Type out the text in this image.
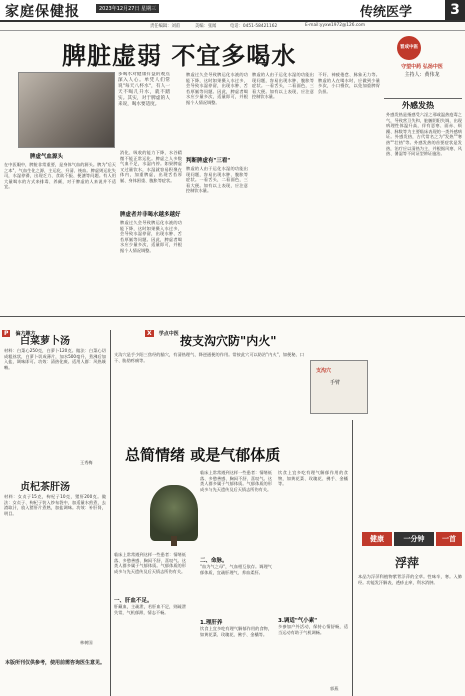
家庭保健报	2023年12月27日 星期三	传统医学	3
责任编辑：刘甫	美编：张闻	电话：0451-58421162	E-mail:yyxw1972@126.com
脾脏虚弱 不宜多喝水	晋成中医
守望中药 弘扬中医
主持人：黄伟龙
多喝水对健康有益的观点深入人心。单凭人们常说"每天八杯水"，有人一天不喝几升水，就不踏实。其实，对于脾虚的人来说，喝水要适度。
脾虚气血源头
在中医眼中，脾脏非常重要，是身体气血的源头。脾为"后天之本"，气血生化之源，主运化、升清、统血。脾虚则运化失司，水湿停滞，出现乏力、食欲不振、便溏等问题。有人用大量喝水的方式来排毒、养颜，对于脾虚的人来说并不适宜。
消化、吸收的能力下降，水谷精微不能正常运化。脾虚之人多数气血不足，水湿内停。如果脾虚又过量饮水，水湿就容易积聚在体内，加重脾虚，出现舌苔厚腻、身体困重、腹胀等症状。
脾虚者并非喝水越多越好
脾虚过久会导致脾运化水液的功能下降，这时如果摄入水过多，会导致水湿停留，出现水肿、舌苔厚腻等问题。因此，脾虚者喝水应少量多次，适量即可，并根据个人情况调整。
脾虚过久会导致脾运化水液的功能下降，这时如果摄入水过多，会导致水湿停留，出现水肿、舌苔厚腻等问题。因此，脾虚者喝水应少量多次，适量即可，并根据个人情况调整。
判断脾虚有"三看"
脾虚的人由于运化水湿的功能出现问题，容易出现水肿、腹胀等症状。一看舌头，二看面色，三看大便。如有以上表现，应注意控制饮水量。
脾虚的人由于运化水湿的功能出现问题，容易出现水肿、腹胀等症状。一看舌头，二看面色，三看大便。如有以上表现，应注意控制饮水量。
不好、神疲倦怠、脉象无力等。脾虚的人在喝水时，应做到少量多次，小口慢饮，以免加重脾胃负担。
外感发热
外感发热是指感受六淫之邪或温热疫毒之气，导致营卫失和，脏腑阴阳失调，出现病理性体温升高，伴有恶寒、面赤、烦躁、脉数等为主要临床表现的一类外感病证。外感发热，古代常名之为"发热""寒热""壮热"等。外感发热的首要症状是发热，治疗应以清热为主，并根据风寒、风热、暑湿等不同证型辨证施治。
P 偏方趣方	X 学点中医
白菜萝卜汤
材料：白菜心250克，白萝卜120克。做法：白菜心切成粗丝状，白萝卜切成薄片，加水500毫升，煮沸后加入盐，调味即可。功效：清热化痰。适用人群：风热咳嗽。
王秀梅
贞杞茶肝汤
材料：女贞子15克，枸杞子10克，猪肝200克。做法：女贞子、枸杞子装入纱布袋中，加适量水煎煮，去渣取汁，放入猪肝片煮熟，加盐调味。功效：补肝肾，明目。
林树国
本版所刊仅供参考，使用前需咨询医生意见。
按支沟穴防"内火"
支沟穴是手少阳三焦经的腧穴，有清热理气、降逆通便的作用。常按此穴可以防治"内火"，如便秘、口干、胁肋疼痛等。
支沟穴
手臂
总简情绪 或是气郁体质
临床上常常遇到这样一些患者：情绪低落、多愁善感、胸闷不舒、喜叹气。这类人群多属于气郁体质。气郁体质的形成多与先天遗传及后天情志所伤有关。
一、肝血不足。
肝藏血，主疏泄，若肝血不足，则疏泄失常，气机郁滞，情志不畅。
临床上常常遇到这样一些患者：情绪低落、多愁善感、胸闷不舒、喜叹气。这类人群多属于气郁体质。气郁体质的形成多与先天遗传及后天情志所伤有关。
二、命脉。
"血为气之母"，气血相互依存。调理气郁体质，宜疏肝理气、养血柔肝。
1.理肝养
饮食上宜多吃有理气解郁作用的食物，如黄花菜、玫瑰花、佛手、金橘等。
饮食上宜多吃有理气解郁作用的食物，如黄花菜、玫瑰花、佛手、金橘等。
3.调适"气小素"
多参加户外活动，保持心情舒畅，适当运动有助于气机调畅。
郭燕
健康	一分钟	一首
浮萍
本品为浮萍科植物紫背浮萍的全草。性味辛，寒。入肺经。功能发汗解表，透疹止痒，利水消肿。
